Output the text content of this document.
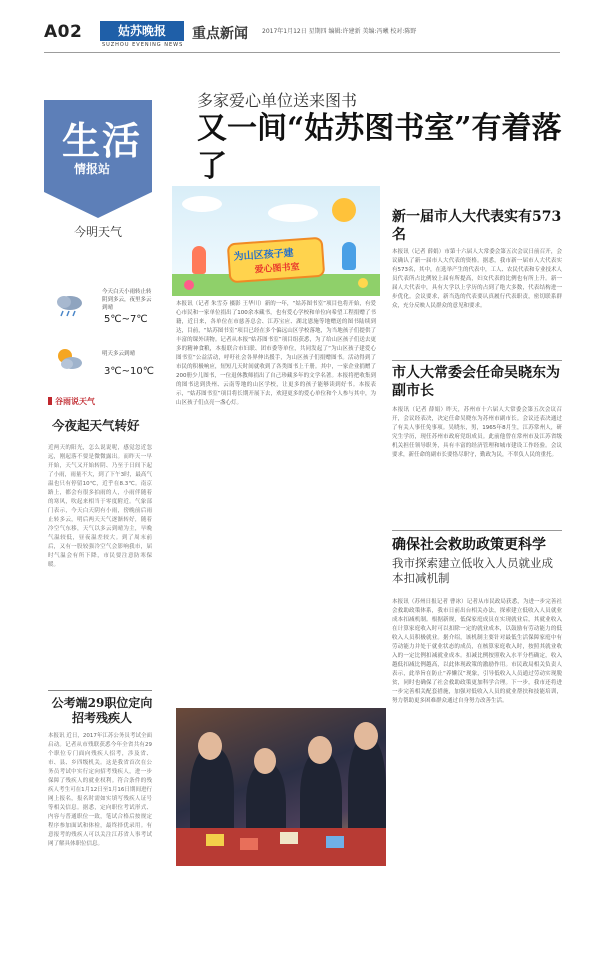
A02	姑苏晚报
SUZHOU EVENING NEWS
重点新闻 2017年1月12日 星期四 编辑:许建新 美编:冯曦 校对:陈野
生活
情报站
今明天气
今天白天小雨转止转阴到多云，夜里多云到晴
5℃~7℃
明天多云到晴
3℃~10℃
谷雨说天气
今夜起天气转好
近两天的阳光，怎么说说呢，感觉忽近忽远，刚起落不要是微微露出。而昨天一早开始，天气又开始转阴、乃至于日间下起了小雨，雨量不大，到了下午3时，最高气温也只有停留10℃，近乎在8.3℃。南京路上，都会有很多拍雨的人，小雨伴随着的寒风，吹起来相当于零度附近。气象部门表示，今天白天阴有小雨，傍晚前后雨止转多云，明后两天天气逐渐转好，随着冷空气东移，天气以多云到晴为主，早晚气温较低，昼夜温差较大。到了周末前后，又有一股较强冷空气会影响我市，届时气温会有所下降，市民要注意防寒保暖。
公考端29职位定向招考残疾人
本报讯 近日，2017年江苏公务员考试全面启动。记者从市残联获悉今年全省共有29个职位专门面向残疾人招考，涉及省、市、县、乡四级机关。这是我省首次在公务员考试中实行定向招考残疾人，进一步保障了残疾人的就业权利。符合条件的残疾人考生可在1月12日至1月16日期间进行网上报名，报名时需如实填写残疾人证号等相关信息。据悉，定向职位考试形式、内容与普通职位一致，笔试合格后按规定程序参加面试和体检，最终择优录用。有意报考的残疾人可以关注江苏省人事考试网了解具体职位信息。
多家爱心单位送来图书
又一间“姑苏图书室”有着落了
为山区孩子建
爱心图书室
本报讯（记者 朱雪芬 摄影 王华川）新的一年，“姑苏图书室”项目也将开始，有爱心市民和一家单位捐出了100余本藏书，也有爱心学校和单位向希望工程捐赠了书籍，近日来，各单位在市慈善总会、江苏宝应、湖北恩施等地赠送的图书陆续到达，目前，“姑苏图书室”项目已经在多个偏远山区学校落地，为当地孩子们提供了丰富的课外读物。记者从本报“姑苏图书室”项目组获悉，为了给山区孩子们送去更多的精神食粮，本报联合市妇联、团市委等单位，共同发起了“为山区孩子建爱心图书室”公益活动，呼吁社会各界伸出援手，为山区孩子们捐赠图书。活动得到了市民的积极响应，短短几天时间就收到了各类图书上千册。其中，一家企业捐赠了200册少儿图书，一位退休教师捐出了自己珍藏多年的文学名著。本报将把收集到的图书送到贵州、云南等地的山区学校，让更多的孩子能够读到好书。本报表示，“姑苏图书室”项目将长期开展下去，欢迎更多的爱心单位和个人参与其中，为山区孩子们点亮一盏心灯。
新一届市人大代表实有573名
本报讯（记者 薛娟）市第十六届人大常委会第五次会议日前召开，会议确认了新一届市人大代表的资格。据悉，我市新一届市人大代表实有573名，其中，在选举产生的代表中，工人、农民代表和专业技术人员代表所占比例较上届有所提高，妇女代表的比例也有所上升。新一届人大代表中，具有大学以上学历的占到了绝大多数，代表结构进一步优化。会议要求，新当选的代表要认真履行代表职责，密切联系群众，充分反映人民群众的意见和要求。
市人大常委会任命吴晓东为副市长
本报讯（记者 薛娟）昨天，苏州市十六届人大常委会第五次会议召开，会议经表决，决定任命吴晓东为苏州市副市长。会议还表决通过了有关人事任免事项。吴晓东，男，1965年8月生，江苏常州人，研究生学历，现任苏州市政府党组成员。此前他曾在常州市及江苏省级机关担任领导职务，具有丰富的经济管理和城市建设工作经验。会议要求，新任命的副市长要恪尽职守，勤政为民，不辜负人民的重托。
确保社会救助政策更科学
我市探索建立低收入人员就业成本扣减机制
本报讯（苏州日报记者 曹冰）记者从市民政局获悉，为进一步完善社会救助政策体系，我市日前出台相关办法，探索建立低收入人员就业成本扣减机制。根据新规，低保家庭成员在实现就业后，其就业收入在计算家庭收入时可以扣除一定的就业成本，以鼓励有劳动能力的低收入人员积极就业。据介绍，该机制主要针对最低生活保障家庭中有劳动能力并处于就业状态的成员，在核算家庭收入时，按照其就业收入的一定比例扣减就业成本。扣减比例按照收入水平分档确定，收入越低扣减比例越高，以此体现政策的激励作用。市民政局相关负责人表示，此举旨在防止“养懒汉”现象，引导低收入人员通过劳动实现脱贫，同时也确保了社会救助政策更加科学合理。下一步，我市还将进一步完善相关配套措施，加强对低收入人员的就业帮扶和技能培训，努力帮助更多困难群众通过自身努力改善生活。
